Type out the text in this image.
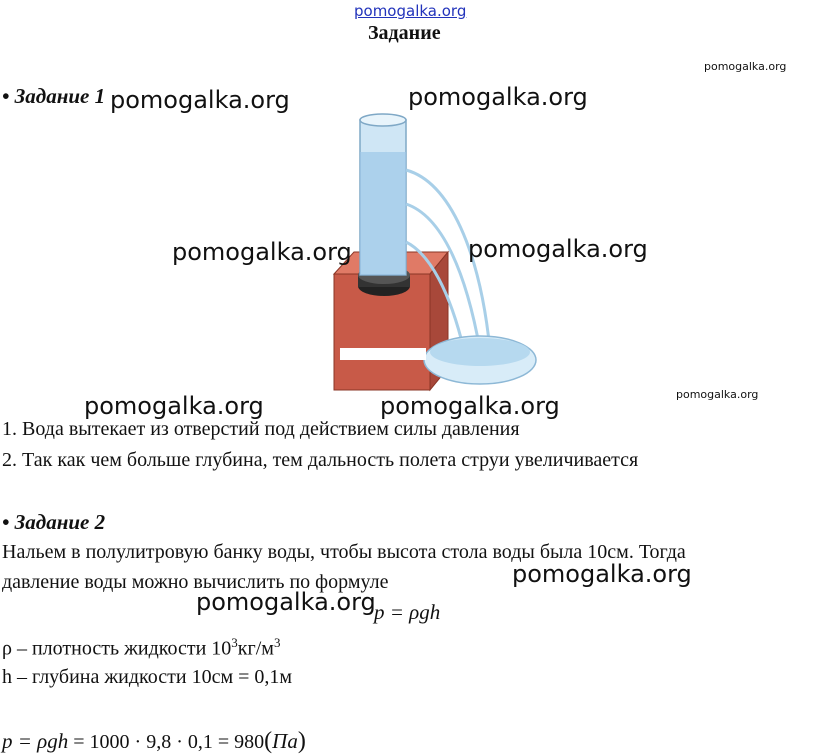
pomogalka.org
Задание
pomogalka.org
• Задание 1 pomogalka.org	pomogalka.org
pomogalka.org	pomogalka.org
pomogalka.org	pomogalka.org	pomogalka.org
1. Вода вытекает из отверстий под действием силы давления
2. Так как чем больше глубина, тем дальность полета струи увеличивается
• Задание 2
Нальем в полулитровую банку воды, чтобы высота стола воды была 10см. Тогда
давление воды можно вычислить по формуле	pomogalka.org
pomogalka.org
p = ρgh
ρ – плотность жидкости $10^3кг/м^3$
h – глубина жидкости 10см = 0,1м
p = ρgh = 1000 · 9,8 · 0,1 = 980(Па)
